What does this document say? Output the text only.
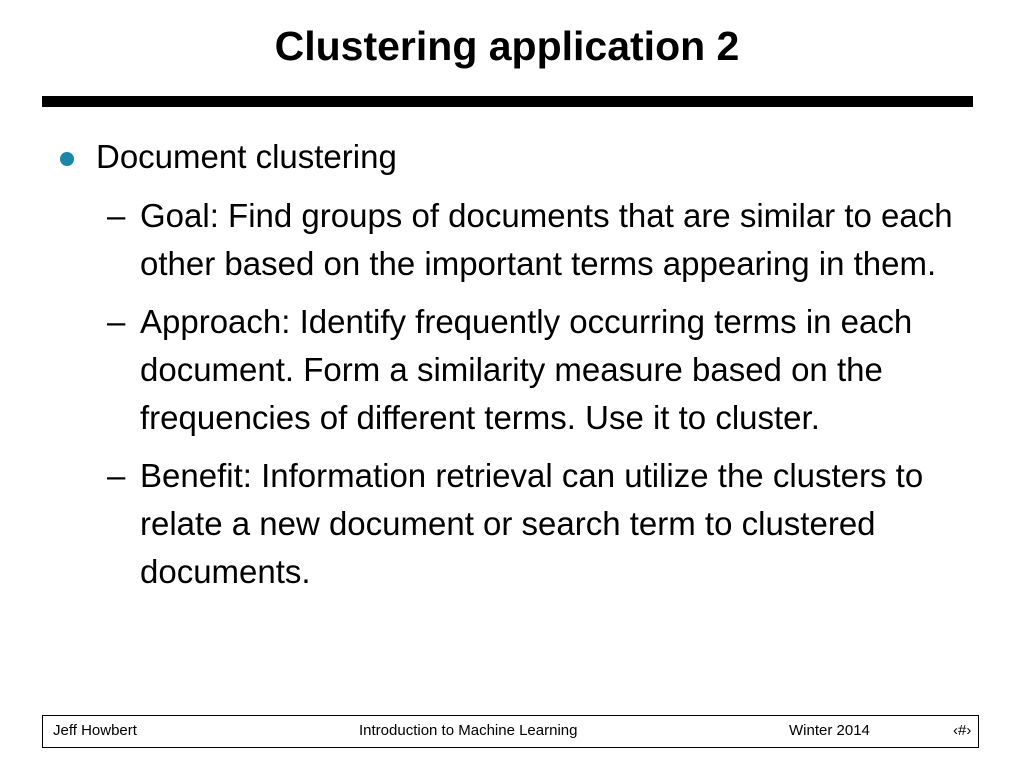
Clustering application 2
Document clustering
– Goal: Find groups of documents that are similar to each other based on the important terms appearing in them.
– Approach: Identify frequently occurring terms in each document. Form a similarity measure based on the frequencies of different terms. Use it to cluster.
– Benefit: Information retrieval can utilize the clusters to relate a new document or search term to clustered documents.
Jeff Howbert	Introduction to Machine Learning	Winter 2014	‹#›
